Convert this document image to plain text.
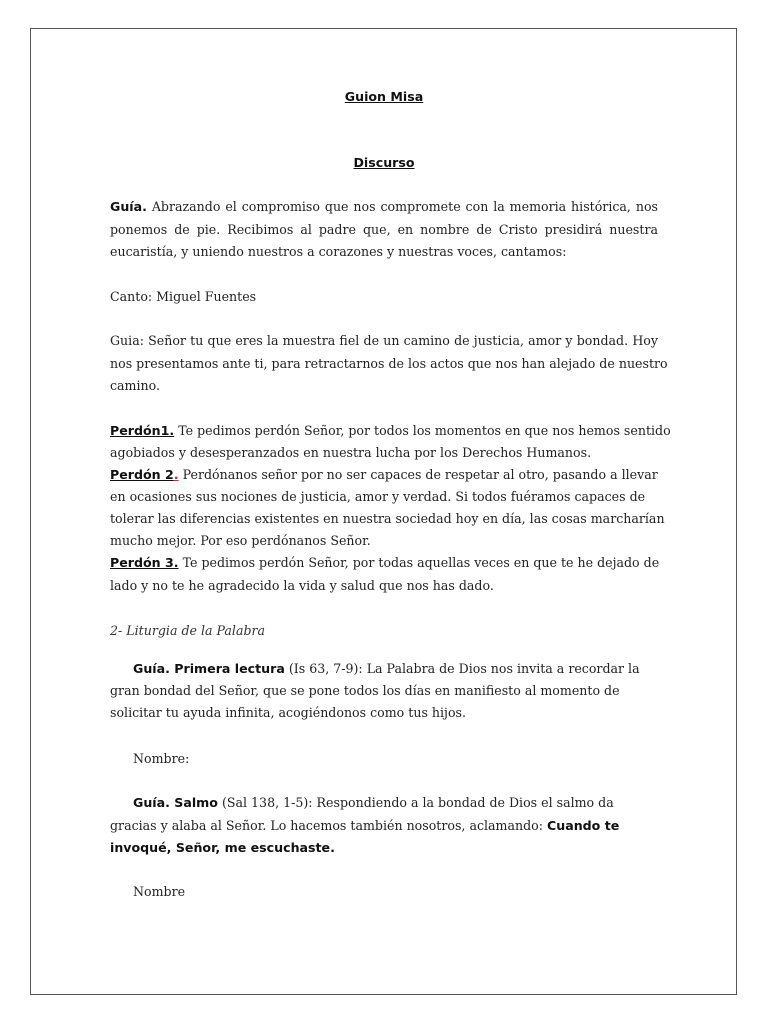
Guion Misa
Discurso
Guía. Abrazando el compromiso que nos compromete con la memoria histórica, nos
ponemos de pie. Recibimos al padre que, en nombre de Cristo presidirá nuestra
eucaristía, y uniendo nuestros a corazones y nuestras voces, cantamos:
Canto: Miguel Fuentes
Guia: Señor tu que eres la muestra fiel de un camino de justicia, amor y bondad. Hoy
nos presentamos ante ti, para retractarnos de los actos que nos han alejado de nuestro
camino.
Perdón1. Te pedimos perdón Señor, por todos los momentos en que nos hemos sentido
agobiados y desesperanzados en nuestra lucha por los Derechos Humanos.
Perdón 2. Perdónanos señor por no ser capaces de respetar al otro, pasando a llevar
en ocasiones sus nociones de justicia, amor y verdad. Si todos fuéramos capaces de
tolerar las diferencias existentes en nuestra sociedad hoy en día, las cosas marcharían
mucho mejor. Por eso perdónanos Señor.
Perdón 3. Te pedimos perdón Señor, por todas aquellas veces en que te he dejado de
lado y no te he agradecido la vida y salud que nos has dado.
2- Liturgia de la Palabra
Guía. Primera lectura (Is 63, 7-9): La Palabra de Dios nos invita a recordar la
gran bondad del Señor, que se pone todos los días en manifiesto al momento de
solicitar tu ayuda infinita, acogiéndonos como tus hijos.
Nombre:
Guía. Salmo (Sal 138, 1-5): Respondiendo a la bondad de Dios el salmo da
gracias y alaba al Señor. Lo hacemos también nosotros, aclamando: Cuando te
invoqué, Señor, me escuchaste.
Nombre
